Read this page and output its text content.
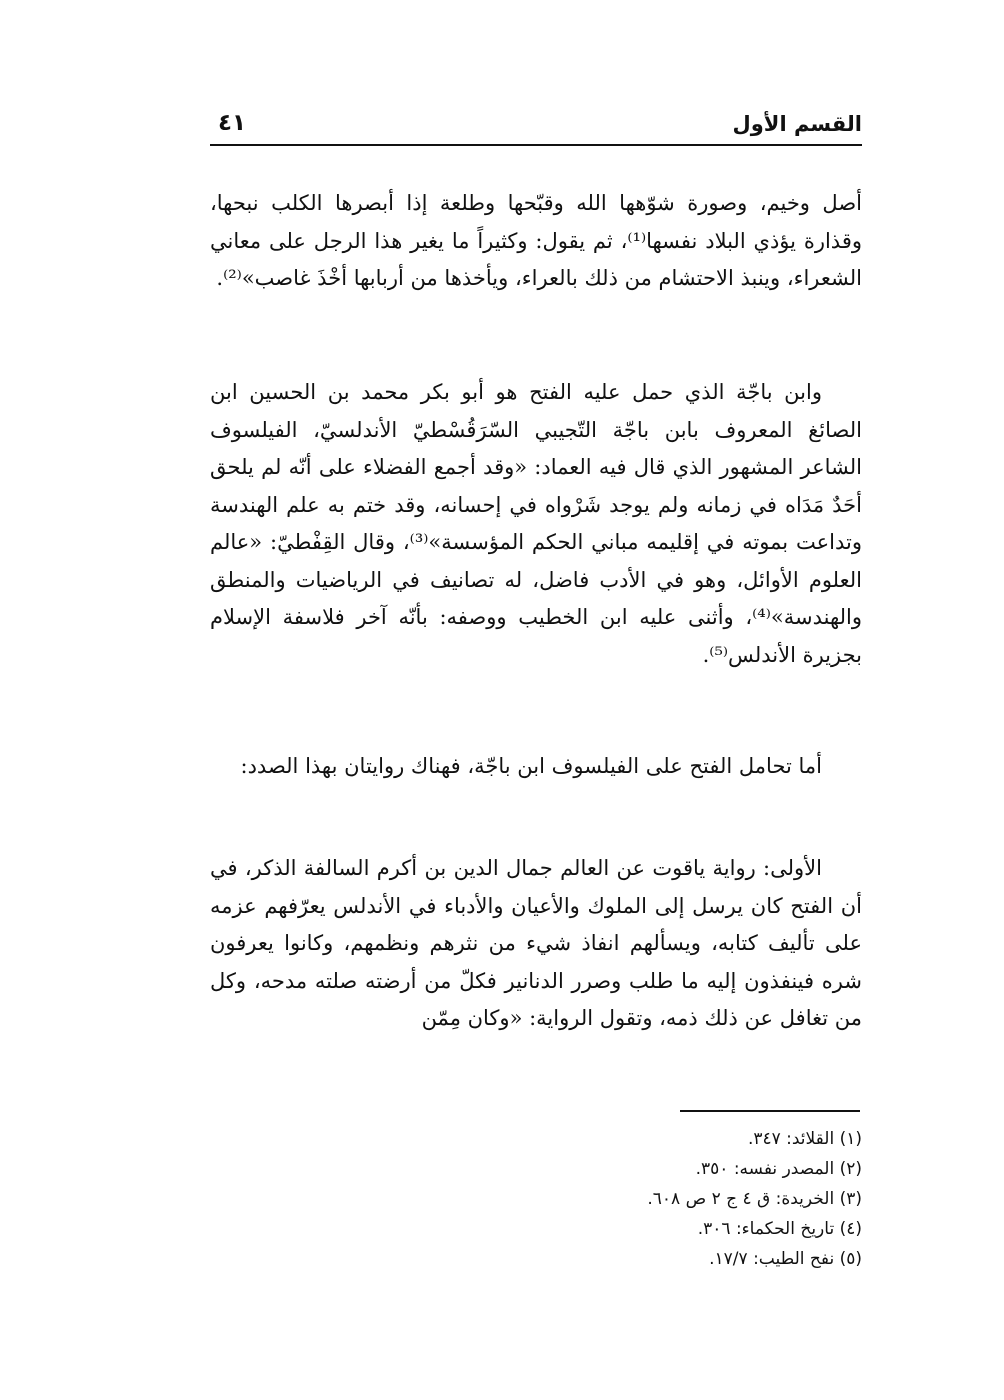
القسم الأول
٤١

أصل وخيم، وصورة شوّهها الله وقبّحها وطلعة إذا أبصرها الكلب نبحها، وقذارة يؤذي البلاد نفسها⁽¹⁾، ثم يقول: وكثيراً ما يغير هذا الرجل على معاني الشعراء، وينبذ الاحتشام من ذلك بالعراء، ويأخذها من أربابها أخْذَ غاصب»⁽²⁾.

وابن باجّة الذي حمل عليه الفتح هو أبو بكر محمد بن الحسين ابن الصائغ المعروف بابن باجّة التّجيبي السّرَقُسْطيّ الأندلسيّ، الفيلسوف الشاعر المشهور الذي قال فيه العماد: «وقد أجمع الفضلاء على أنّه لم يلحق أحَدٌ مَدَاه في زمانه ولم يوجد شَرْواه في إحسانه، وقد ختم به علم الهندسة وتداعت بموته في إقليمه مباني الحكم المؤسسة»⁽³⁾، وقال القِفْطيّ: «عالم العلوم الأوائل، وهو في الأدب فاضل، له تصانيف في الرياضيات والمنطق والهندسة»⁽⁴⁾، وأثنى عليه ابن الخطيب ووصفه: بأنّه آخر فلاسفة الإسلام بجزيرة الأندلس⁽⁵⁾.

أما تحامل الفتح على الفيلسوف ابن باجّة، فهناك روايتان بهذا الصدد:

الأولى: رواية ياقوت عن العالم جمال الدين بن أكرم السالفة الذكر، في أن الفتح كان يرسل إلى الملوك والأعيان والأدباء في الأندلس يعرّفهم عزمه على تأليف كتابه، ويسألهم انفاذ شيء من نثرهم ونظمهم، وكانوا يعرفون شره فينفذون إليه ما طلب وصرر الدنانير فكلّ من أرضته صلته مدحه، وكل من تغافل عن ذلك ذمه، وتقول الرواية: «وكان مِمّن

(١) القلائد: ٣٤٧.
(٢) المصدر نفسه: ٣٥٠.
(٣) الخريدة: ق ٤ ج ٢ ص ٦٠٨.
(٤) تاريخ الحكماء: ٣٠٦.
(٥) نفح الطيب: ١٧/٧.
